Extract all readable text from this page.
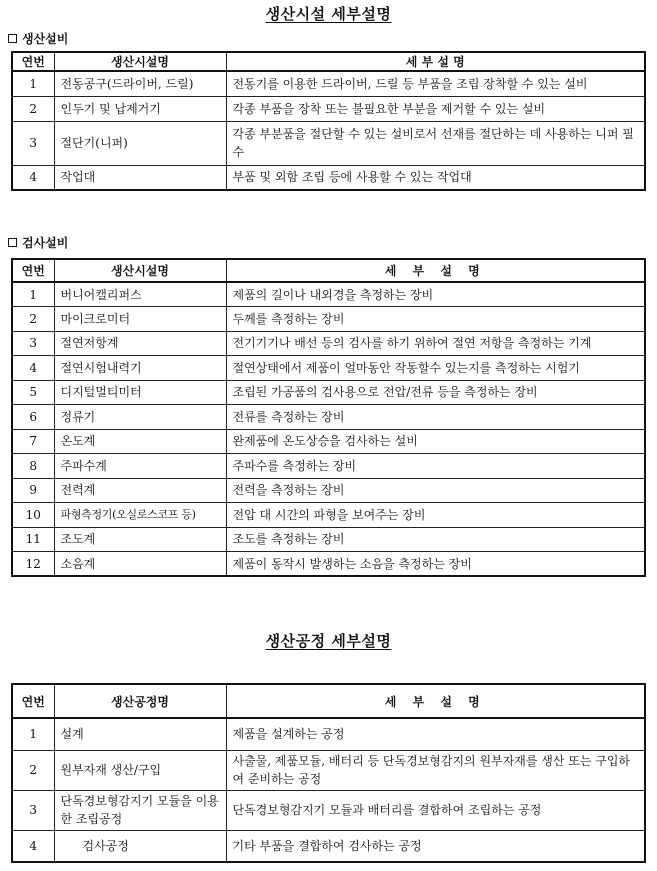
생산시설 세부설명
생산설비
연번	생산시설명	세 부 설 명
1	전동공구(드라이버, 드릴)	전동기를 이용한 드라이버, 드릴 등 부품을 조립 장착할 수 있는 설비
2	인두기 및 납제거기	각종 부품을 장착 또는 불필요한 부분을 제거할 수 있는 설비
3	절단기(니퍼)	각종 부분품을 절단할 수 있는 설비로서 선재를 절단하는 데 사용하는 니퍼 필수
4	작업대	부품 및 외함 조립 등에 사용할 수 있는 작업대
검사설비
연번	생산시설명	세 부 설 명
1	버니어캘리퍼스	제품의 길이나 내외경을 측정하는 장비
2	마이크로미터	두께를 측정하는 장비
3	절연저항계	전기기기나 배선 등의 검사를 하기 위하여 절연 저항을 측정하는 기계
4	절연시험내력기	절연상태에서 제품이 얼마동안 작동할수 있는지를 측정하는 시험기
5	디지털멀티미터	조립된 가공품의 검사용으로 전압/전류 등을 측정하는 장비
6	정류기	전류를 측정하는 장비
7	온도계	완제품에 온도상승을 검사하는 설비
8	주파수계	주파수를 측정하는 장비
9	전력계	전력을 측정하는 장비
10	파형측정기(오실로스코프 등)	전압 대 시간의 파형을 보여주는 장비
11	조도계	조도를 측정하는 장비
12	소음계	제품이 동작시 발생하는 소음을 측정하는 장비
생산공정 세부설명
연번	생산공정명	세 부 설 명
1	설계	제품을 설계하는 공정
2	원부자재 생산/구입	사출물, 제품모듈, 배터리 등 단독경보형감지의 원부자재를 생산 또는 구입하여 준비하는 공정
3	단독경보형감지기 모듈을 이용한 조립공정	단독경보형감지기 모듈과 배터리를 결합하여 조립하는 공정
4	검사공정	기타 부품을 결합하여 검사하는 공정
